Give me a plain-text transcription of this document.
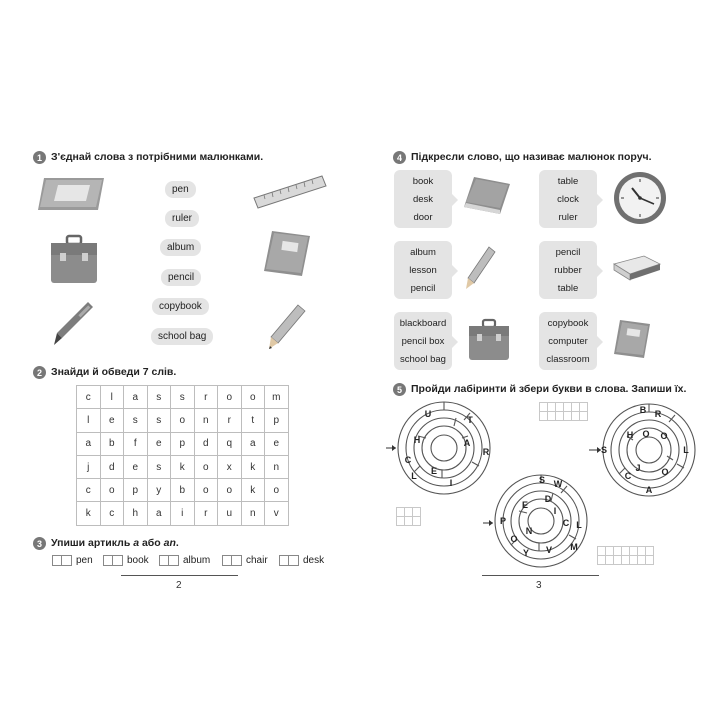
1 З'єднай слова з потрібними малюнками.
pen
ruler
album
pencil
copybook
school bag
2 Знайди й обведи 7 слів.
c	l	a	s	s	r	o	o	m
l	e	s	s	o	n	r	t	p
a	b	f	e	p	d	q	a	e
j	d	e	s	k	o	x	k	n
c	o	p	y	b	o	o	k	o
k	c	h	a	i	r	u	n	v
3 Упиши артикль a або an.
pen	book	album	chair	desk
2
4 Підкресли слово, що називає малюнок поруч.
book
desk
door
table
clock
ruler
album
lesson
pencil
pencil
rubber
table
blackboard
pencil box
school bag
copybook
computer
classroom
5 Пройди лабіринти й збери букви в слова. Запиши їх.
U
T
H	A
R
C
E
L
I
B R
H O O
L
S
J
C	O
A
S W
D
I
E
P
N
C L
O
Y V M

3
